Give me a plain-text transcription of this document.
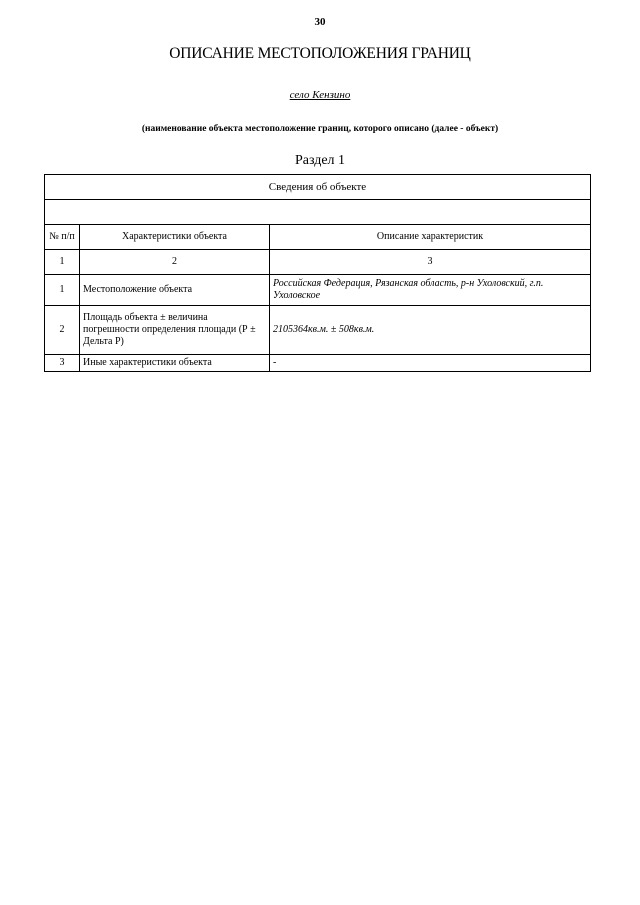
30
ОПИСАНИЕ МЕСТОПОЛОЖЕНИЯ ГРАНИЦ
село Кензино
(наименование объекта местоположение границ, которого описано (далее - объект)
Раздел 1
Сведения об объекте		

№ п/п	Характеристики объекта	Описание характеристик
1	2	3
1	Местоположение объекта	Российская Федерация, Рязанская область, р-н Ухоловский, г.п. Ухоловское
2	Площадь объекта ± величина погрешности определения площади (Р ± Дельта Р)	2105364кв.м. ± 508кв.м.
3	Иные характеристики объекта	-
